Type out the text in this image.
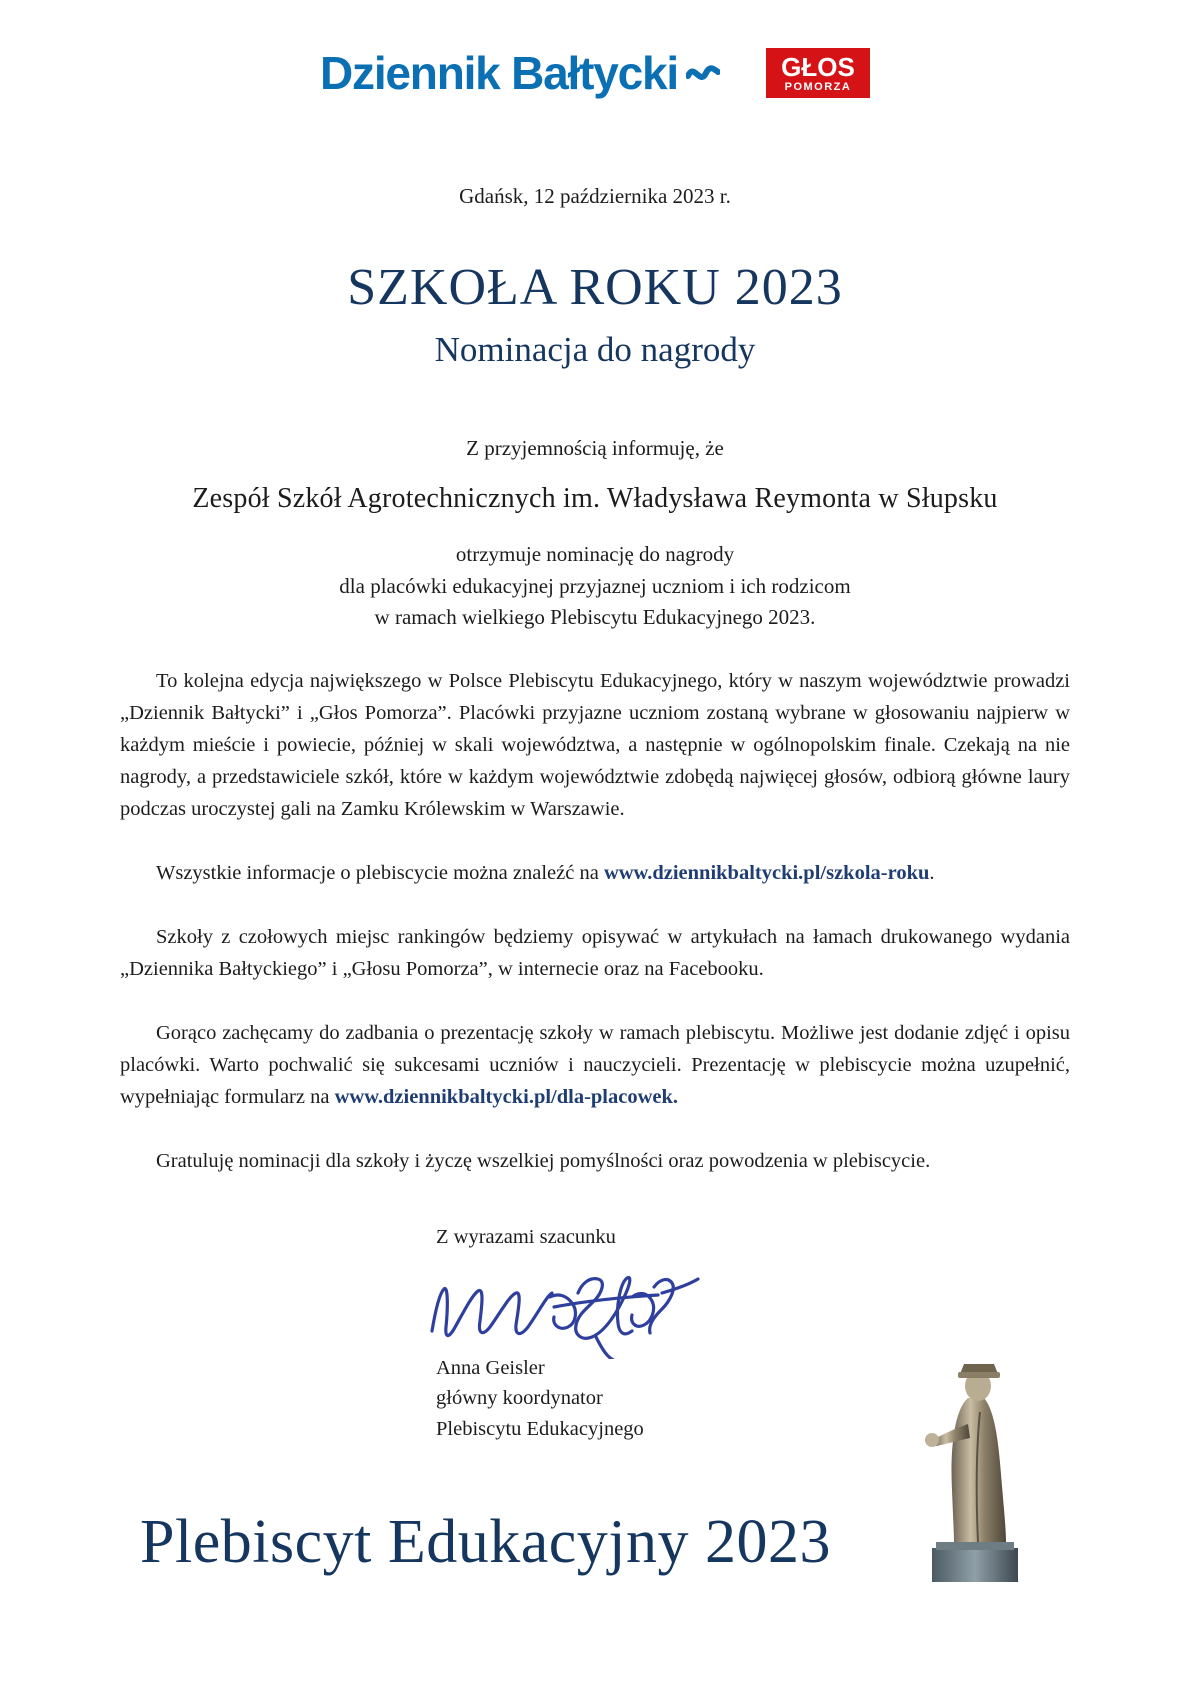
Dziennik Bałtycki	GŁOS
POMORZA
Gdańsk, 12 października 2023 r.
SZKOŁA ROKU 2023
Nominacja do nagrody
Z przyjemnością informuję, że
Zespół Szkół Agrotechnicznych im. Władysława Reymonta w Słupsku
otrzymuje nominację do nagrody
dla placówki edukacyjnej przyjaznej uczniom i ich rodzicom
w ramach wielkiego Plebiscytu Edukacyjnego 2023.

To kolejna edycja największego w Polsce Plebiscytu Edukacyjnego, który w naszym województwie prowadzi „Dziennik Bałtycki” i „Głos Pomorza”. Placówki przyjazne uczniom zostaną wybrane w głosowaniu najpierw w każdym mieście i powiecie, później w skali województwa, a następnie w ogólnopolskim finale. Czekają na nie nagrody, a przedstawiciele szkół, które w każdym województwie zdobędą najwięcej głosów, odbiorą główne laury podczas uroczystej gali na Zamku Królewskim w Warszawie.

Wszystkie informacje o plebiscycie można znaleźć na www.dziennikbaltycki.pl/szkola-roku.

Szkoły z czołowych miejsc rankingów będziemy opisywać w artykułach na łamach drukowanego wydania „Dziennika Bałtyckiego” i „Głosu Pomorza”, w internecie oraz na Facebooku.

Gorąco zachęcamy do zadbania o prezentację szkoły w ramach plebiscytu. Możliwe jest dodanie zdjęć i opisu placówki. Warto pochwalić się sukcesami uczniów i nauczycieli. Prezentację w plebiscycie można uzupełnić, wypełniając formularz na www.dziennikbaltycki.pl/dla-placowek.

Gratuluję nominacji dla szkoły i życzę wszelkiej pomyślności oraz powodzenia w plebiscycie.

Z wyrazami szacunku
Anna Geisler
główny koordynator
Plebiscytu Edukacyjnego
Plebiscyt Edukacyjny 2023
